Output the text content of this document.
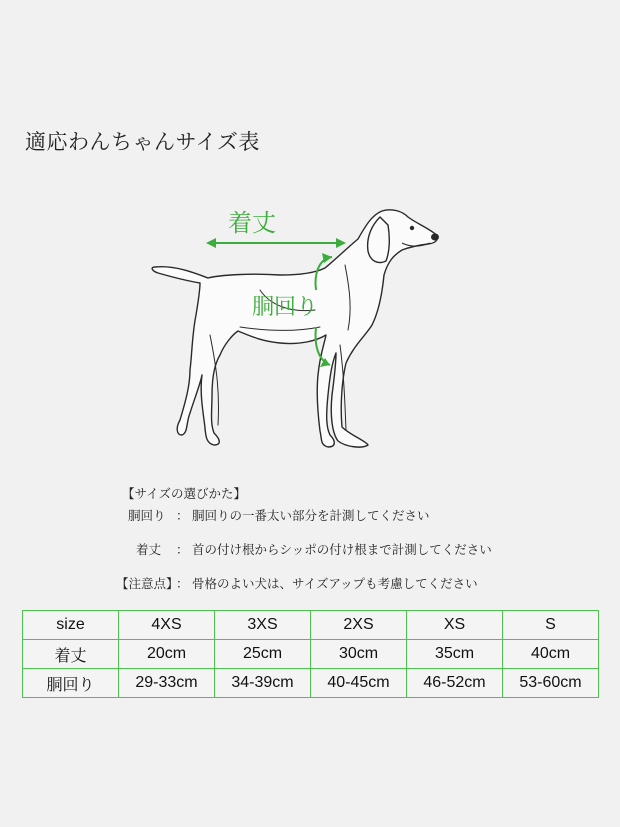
適応わんちゃんサイズ表
着丈
胴回り
【サイズの選びかた】
胴回り ： 胴回りの一番太い部分を計測してください
着丈 ： 首の付け根からシッポの付け根まで計測してください
【注意点】
： 骨格のよい犬は、サイズアップも考慮してください
size	4XS	3XS	2XS	XS	S
着丈	20cm	25cm	30cm	35cm	40cm
胴回り	29-33cm	34-39cm	40-45cm	46-52cm	53-60cm
